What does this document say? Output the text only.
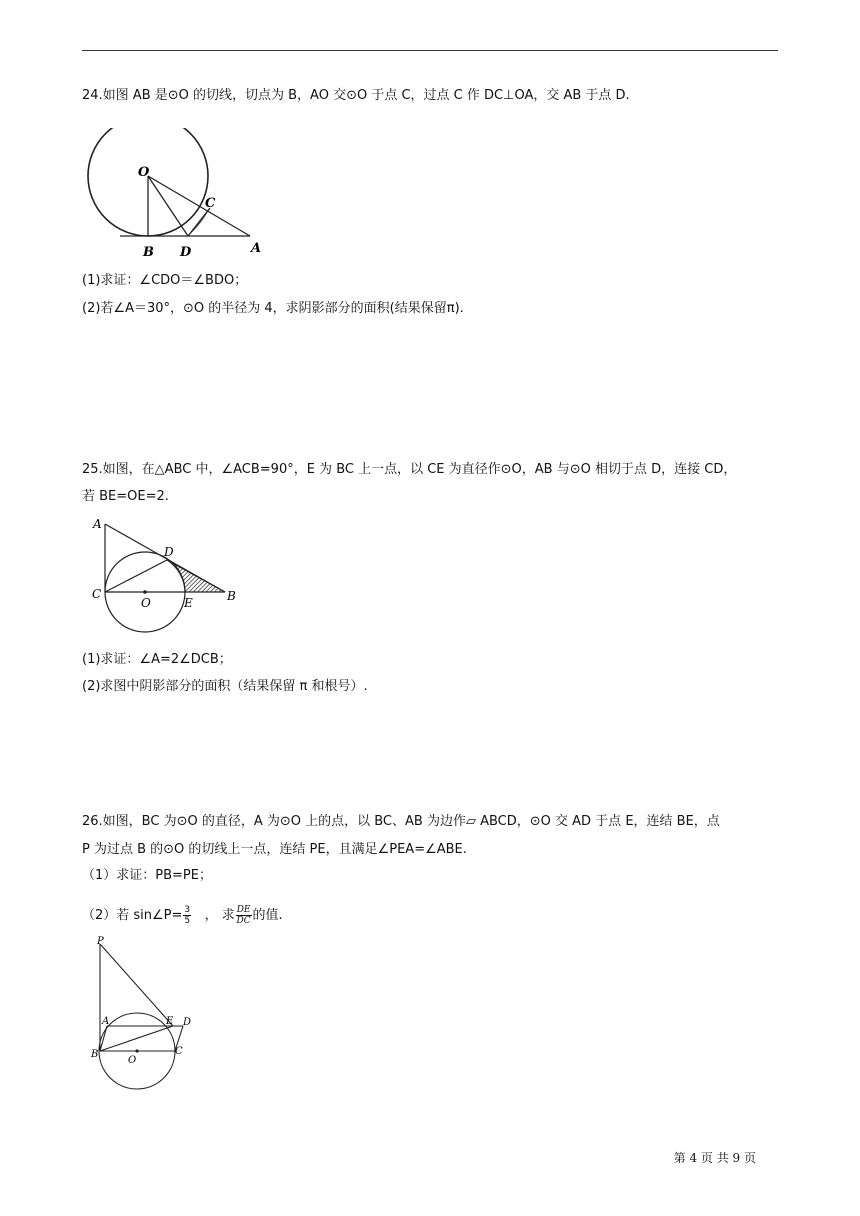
24.如图 AB 是⊙O 的切线，切点为 B，AO 交⊙O 于点 C，过点 C 作 DC⊥OA，交 AB 于点 D.
O
C
B D	A
(1)求证：∠CDO＝∠BDO；
(2)若∠A＝30°，⊙O 的半径为 4，求阴影部分的面积(结果保留π).
25.如图，在△ABC 中，∠ACB=90°，E 为 BC 上一点，以 CE 为直径作⊙O，AB 与⊙O 相切于点 D，连接 CD，
若 BE=OE=2.
A
D
C
O	E	B
(1)求证：∠A=2∠DCB；
(2)求图中阴影部分的面积（结果保留 π 和根号）.
26.如图，BC 为⊙O 的直径，A 为⊙O 上的点，以 BC、AB 为边作▱ ABCD，⊙O 交 AD 于点 E，连结 BE，点
P 为过点 B 的⊙O 的切线上一点，连结 PE，且满足∠PEA=∠ABE.
（1）求证：PB=PE；
（2）若 sin∠P= $\frac{3}{5}$ ， 求 $\frac{DE}{DC}$ 的值.
P
A	E D
B
O
C
第 4 页 共 9 页
